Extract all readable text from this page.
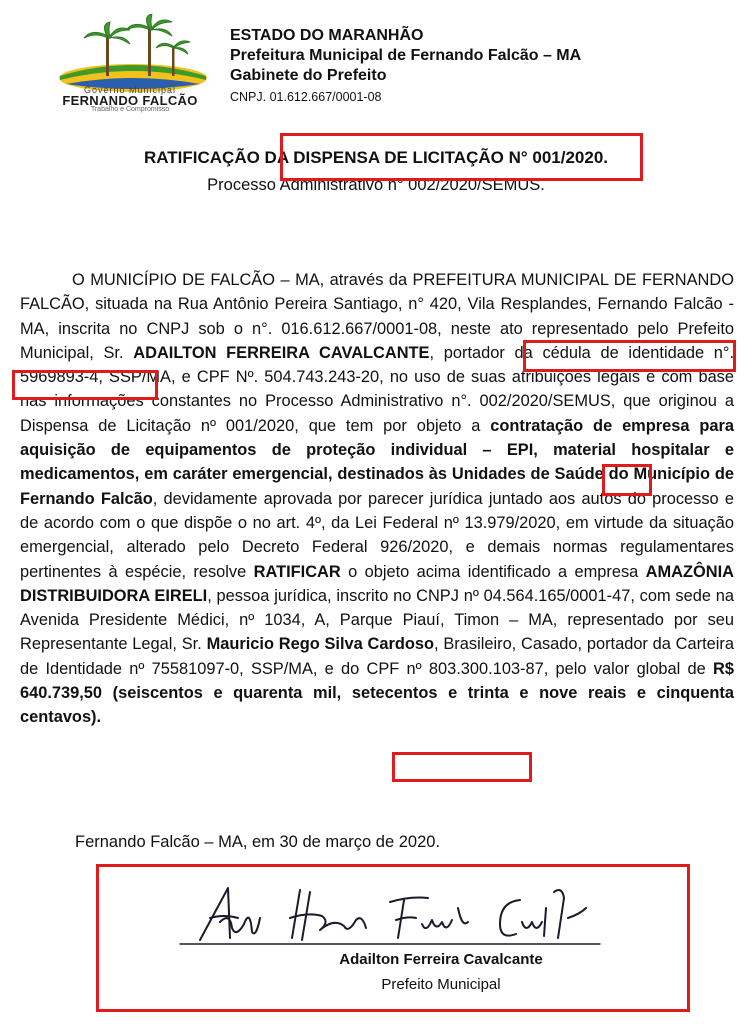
Governo Municipal
FERNANDO FALCÃO
Trabalho e Compromisso
ESTADO DO MARANHÃO
Prefeitura Municipal de Fernando Falcão – MA
Gabinete do Prefeito
CNPJ. 01.612.667/0001-08
RATIFICAÇÃO DA DISPENSA DE LICITAÇÃO N° 001/2020.
Processo Administrativo n° 002/2020/SEMUS.
O MUNICÍPIO DE FALCÃO – MA, através da PREFEITURA MUNICIPAL DE FERNANDO FALCÃO, situada na Rua Antônio Pereira Santiago, n° 420, Vila Resplandes, Fernando Falcão - MA, inscrita no CNPJ sob o n°. 016.612.667/0001-08, neste ato representado pelo Prefeito Municipal, Sr. ADAILTON FERREIRA CAVALCANTE, portador da cédula de identidade n°. 5969893-4, SSP/MA, e CPF Nº. 504.743.243-20, no uso de suas atribuições legais e com base nas informações constantes no Processo Administrativo n°. 002/2020/SEMUS, que originou a Dispensa de Licitação nº 001/2020, que tem por objeto a contratação de empresa para aquisição de equipamentos de proteção individual – EPI, material hospitalar e medicamentos, em caráter emergencial, destinados às Unidades de Saúde do Município de Fernando Falcão, devidamente aprovada por parecer jurídica juntado aos autos do processo e de acordo com o que dispõe o no art. 4º, da Lei Federal nº 13.979/2020, em virtude da situação emergencial, alterado pelo Decreto Federal 926/2020, e demais normas regulamentares pertinentes à espécie, resolve RATIFICAR o objeto acima identificado a empresa AMAZÔNIA DISTRIBUIDORA EIRELI, pessoa jurídica, inscrito no CNPJ nº 04.564.165/0001-47, com sede na Avenida Presidente Médici, nº 1034, A, Parque Piauí, Timon – MA, representado por seu Representante Legal, Sr. Mauricio Rego Silva Cardoso, Brasileiro, Casado, portador da Carteira de Identidade nº 75581097-0, SSP/MA, e do CPF nº 803.300.103-87, pelo valor global de R$ 640.739,50 (seiscentos e quarenta mil, setecentos e trinta e nove reais e cinquenta centavos).
Fernando Falcão – MA, em 30 de março de 2020.
Adailton Ferreira Cavalcante
Prefeito Municipal
